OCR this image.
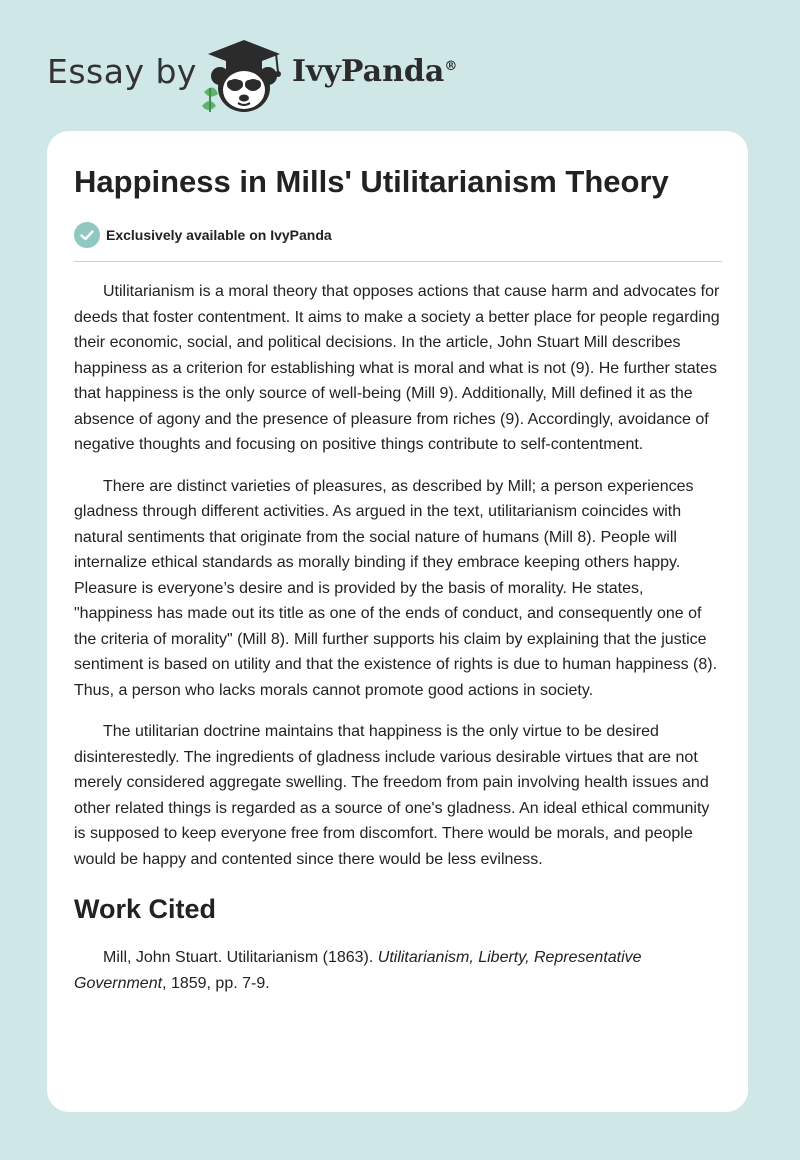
Essay by	IvyPanda®
Happiness in Mills' Utilitarianism Theory
Exclusively available on IvyPanda

Utilitarianism is a moral theory that opposes actions that cause harm and advocates for deeds that foster contentment. It aims to make a society a better place for people regarding their economic, social, and political decisions. In the article, John Stuart Mill describes happiness as a criterion for establishing what is moral and what is not (9). He further states that happiness is the only source of well-being (Mill 9). Additionally, Mill defined it as the absence of agony and the presence of pleasure from riches (9). Accordingly, avoidance of negative thoughts and focusing on positive things contribute to self-contentment.

There are distinct varieties of pleasures, as described by Mill; a person experiences gladness through different activities. As argued in the text, utilitarianism coincides with natural sentiments that originate from the social nature of humans (Mill 8). People will internalize ethical standards as morally binding if they embrace keeping others happy. Pleasure is everyone’s desire and is provided by the basis of morality. He states, "happiness has made out its title as one of the ends of conduct, and consequently one of the criteria of morality" (Mill 8). Mill further supports his claim by explaining that the justice sentiment is based on utility and that the existence of rights is due to human happiness (8). Thus, a person who lacks morals cannot promote good actions in society.

The utilitarian doctrine maintains that happiness is the only virtue to be desired disinterestedly. The ingredients of gladness include various desirable virtues that are not merely considered aggregate swelling. The freedom from pain involving health issues and other related things is regarded as a source of one's gladness. An ideal ethical community is supposed to keep everyone free from discomfort. There would be morals, and people would be happy and contented since there would be less evilness.

Work Cited

Mill, John Stuart. Utilitarianism (1863). Utilitarianism, Liberty, Representative Government, 1859, pp. 7-9.
